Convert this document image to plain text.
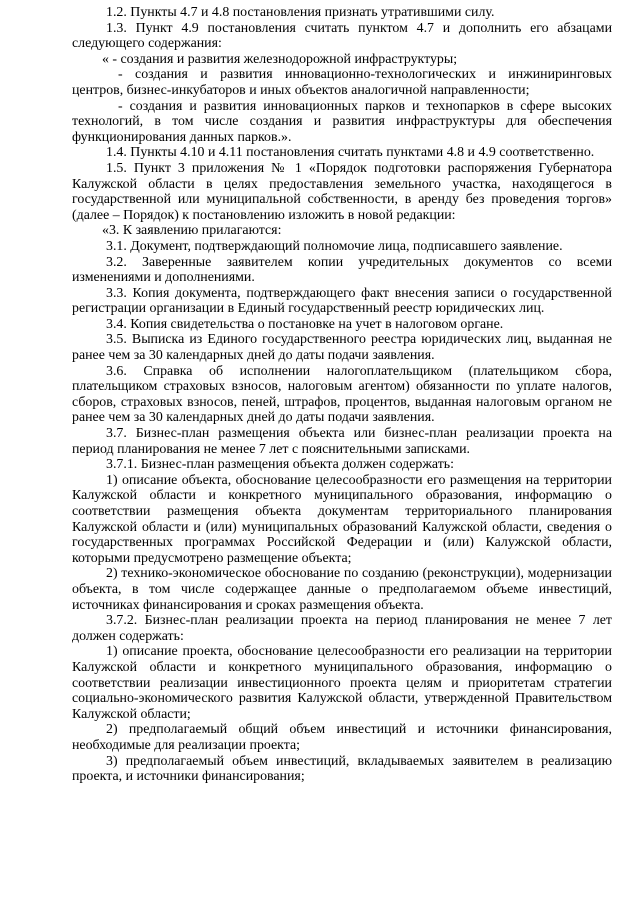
1.2. Пункты 4.7 и 4.8 постановления признать утратившими силу.

1.3. Пункт 4.9 постановления считать пунктом 4.7 и дополнить его абзацами следующего содержания:

« - создания и развития железнодорожной инфраструктуры;

- создания и развития инновационно-технологических и инжиниринговых центров, бизнес-инкубаторов и иных объектов аналогичной направленности;

- создания и развития инновационных парков и технопарков в сфере высоких технологий, в том числе создания и развития инфраструктуры для обеспечения функционирования данных парков.».

1.4. Пункты 4.10 и 4.11 постановления считать пунктами 4.8 и 4.9 соответственно.

1.5. Пункт 3 приложения № 1 «Порядок подготовки распоряжения Губернатора Калужской области в целях предоставления земельного участка, находящегося в государственной или муниципальной собственности, в аренду без проведения торгов» (далее – Порядок) к постановлению изложить в новой редакции:

«3. К заявлению прилагаются:

3.1. Документ, подтверждающий полномочие лица, подписавшего заявление.

3.2. Заверенные заявителем копии учредительных документов со всеми изменениями и дополнениями.

3.3. Копия документа, подтверждающего факт внесения записи о государственной регистрации организации в Единый государственный реестр юридических лиц.

3.4. Копия свидетельства о постановке на учет в налоговом органе.

3.5. Выписка из Единого государственного реестра юридических лиц, выданная не ранее чем за 30 календарных дней до даты подачи заявления.

3.6. Справка об исполнении налогоплательщиком (плательщиком сбора, плательщиком страховых взносов, налоговым агентом) обязанности по уплате налогов, сборов, страховых взносов, пеней, штрафов, процентов, выданная налоговым органом не ранее чем за 30 календарных дней до даты подачи заявления.

3.7. Бизнес-план размещения объекта или бизнес-план реализации проекта на период планирования не менее 7 лет с пояснительными записками.

3.7.1. Бизнес-план размещения объекта должен содержать:

1) описание объекта, обоснование целесообразности его размещения на территории Калужской области и конкретного муниципального образования, информацию о соответствии размещения объекта документам территориального планирования Калужской области и (или) муниципальных образований Калужской области, сведения о государственных программах Российской Федерации и (или) Калужской области, которыми предусмотрено размещение объекта;

2) технико-экономическое обоснование по созданию (реконструкции), модернизации объекта, в том числе содержащее данные о предполагаемом объеме инвестиций, источниках финансирования и сроках размещения объекта.

3.7.2. Бизнес-план реализации проекта на период планирования не менее 7 лет должен содержать:

1) описание проекта, обоснование целесообразности его реализации на территории Калужской области и конкретного муниципального образования, информацию о соответствии реализации инвестиционного проекта целям и приоритетам стратегии социально-экономического развития Калужской области, утвержденной Правительством Калужской области;

2) предполагаемый общий объем инвестиций и источники финансирования, необходимые для реализации проекта;

3) предполагаемый объем инвестиций, вкладываемых заявителем в реализацию проекта, и источники финансирования;
